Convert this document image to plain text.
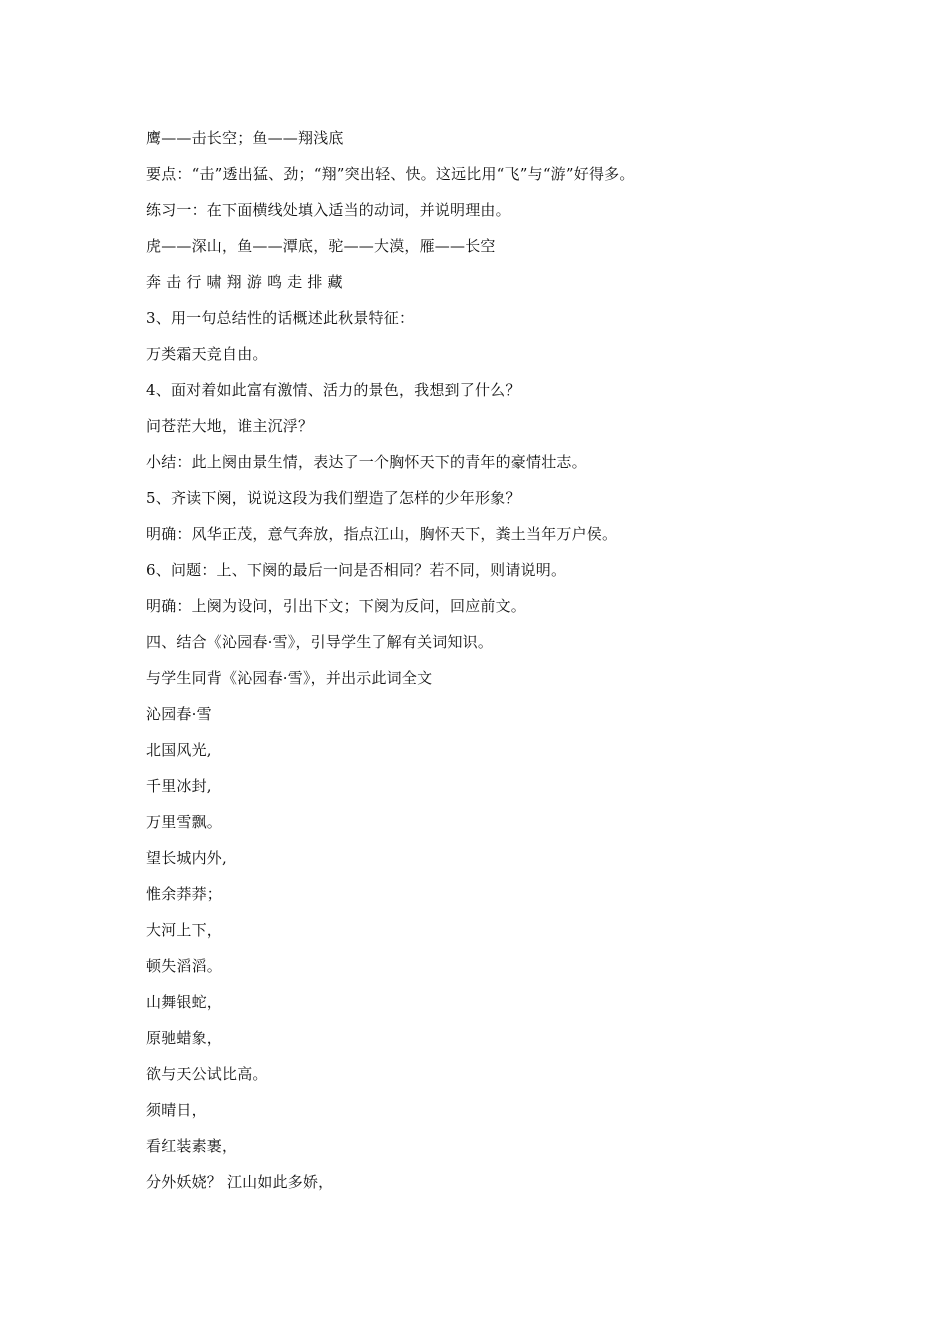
鹰——击长空；鱼——翔浅底
要点：“击”透出猛、劲；“翔”突出轻、快。这远比用“飞”与“游”好得多。
练习一：在下面横线处填入适当的动词，并说明理由。
虎——深山，鱼——潭底，驼——大漠，雁——长空
奔 击 行 啸 翔 游 鸣 走 排 藏
3、用一句总结性的话概述此秋景特征：
万类霜天竞自由。
4、面对着如此富有激情、活力的景色，我想到了什么？
问苍茫大地，谁主沉浮？
小结：此上阕由景生情，表达了一个胸怀天下的青年的豪情壮志。
5、齐读下阕，说说这段为我们塑造了怎样的少年形象？
明确：风华正茂，意气奔放，指点江山，胸怀天下，粪土当年万户侯。
6、问题：上、下阕的最后一问是否相同？若不同，则请说明。
明确：上阕为设问，引出下文；下阕为反问，回应前文。
四、结合《沁园春·雪》，引导学生了解有关词知识。
与学生同背《沁园春·雪》，并出示此词全文
沁园春·雪
北国风光,
千里冰封,
万里雪飘。
望长城内外,
惟余莽莽；
大河上下，
顿失滔滔。
山舞银蛇，
原驰蜡象，
欲与天公试比高。
须晴日，
看红装素裹，
分外妖娆？ 江山如此多娇，
